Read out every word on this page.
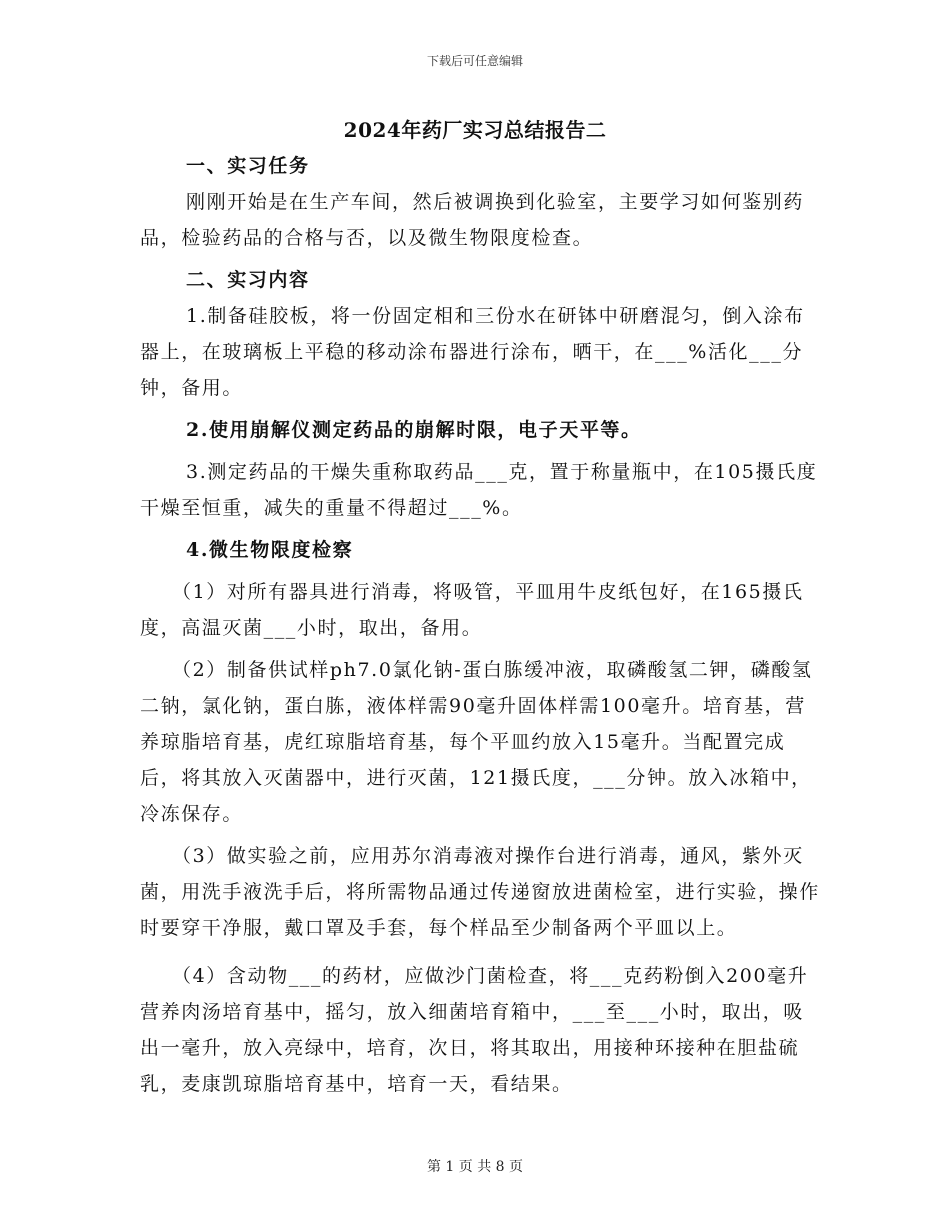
下载后可任意编辑
2024年药厂实习总结报告二

一、实习任务

刚刚开始是在生产车间，然后被调换到化验室，主要学习如何鉴别药品，检验药品的合格与否，以及微生物限度检查。

二、实习内容

1.制备硅胶板，将一份固定相和三份水在研钵中研磨混匀，倒入涂布器上，在玻璃板上平稳的移动涂布器进行涂布，晒干，在___%活化___分钟，备用。

2.使用崩解仪测定药品的崩解时限，电子天平等。

3.测定药品的干燥失重称取药品___克，置于称量瓶中，在105摄氏度干燥至恒重，减失的重量不得超过___%。

4.微生物限度检察

（1）对所有器具进行消毒，将吸管，平皿用牛皮纸包好，在165摄氏度，高温灭菌___小时，取出，备用。

（2）制备供试样ph7.0氯化钠-蛋白胨缓冲液，取磷酸氢二钾，磷酸氢二钠，氯化钠，蛋白胨，液体样需90毫升固体样需100毫升。培育基，营养琼脂培育基，虎红琼脂培育基，每个平皿约放入15毫升。当配置完成后，将其放入灭菌器中，进行灭菌，121摄氏度，___分钟。放入冰箱中，冷冻保存。

（3）做实验之前，应用苏尔消毒液对操作台进行消毒，通风，紫外灭菌，用洗手液洗手后，将所需物品通过传递窗放进菌检室，进行实验，操作时要穿干净服，戴口罩及手套，每个样品至少制备两个平皿以上。

（4）含动物___的药材，应做沙门菌检查，将___克药粉倒入200毫升营养肉汤培育基中，摇匀，放入细菌培育箱中，___至___小时，取出，吸出一毫升，放入亮绿中，培育，次日，将其取出，用接种环接种在胆盐硫乳，麦康凯琼脂培育基中，培育一天，看结果。

第 1 页 共 8 页
